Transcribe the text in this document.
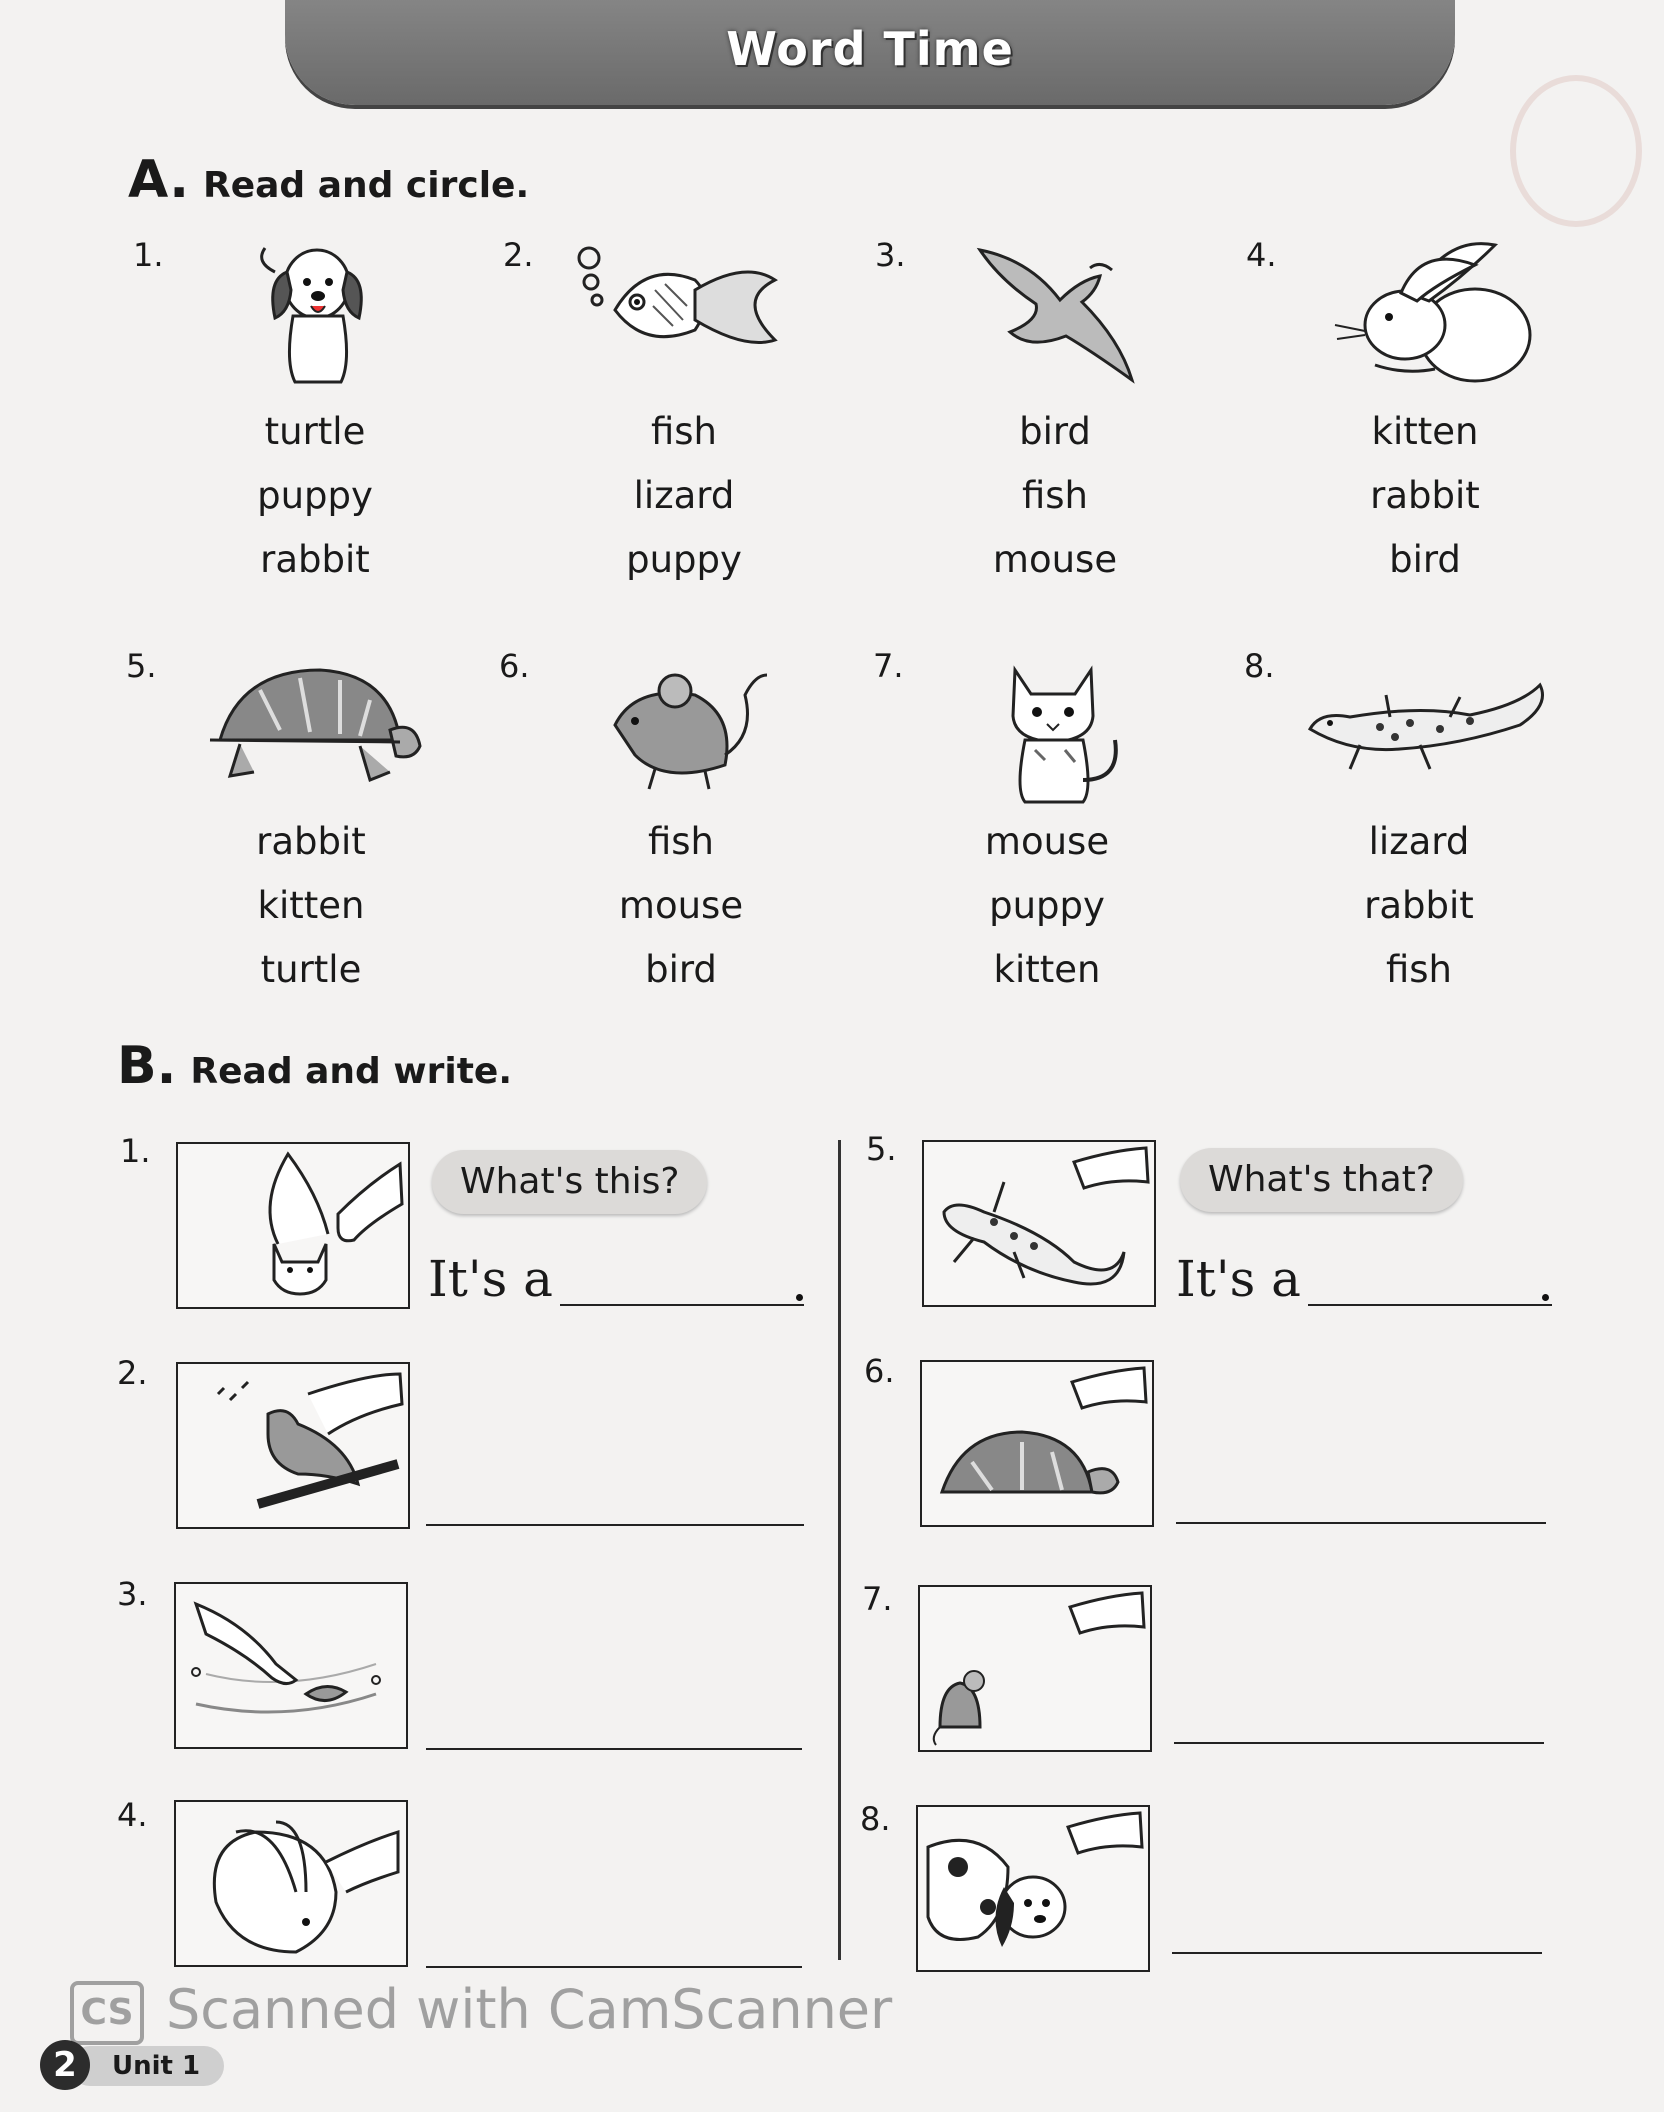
Word Time
A. Read and circle.
1.	2.	3.	4.
5.	6.	7.	8.
turtle
puppy
rabbit
fish
lizard
puppy
bird
fish
mouse
kitten
rabbit
bird
rabbit
kitten
turtle
fish
mouse
bird
mouse
puppy
kitten
lizard
rabbit
fish
B. Read and write.
1.
2.
3.
4.
5.
6.
7.
8.
What's this?	What's that?
It's a	It's a
CS Scanned with CamScanner
Unit 1
2
